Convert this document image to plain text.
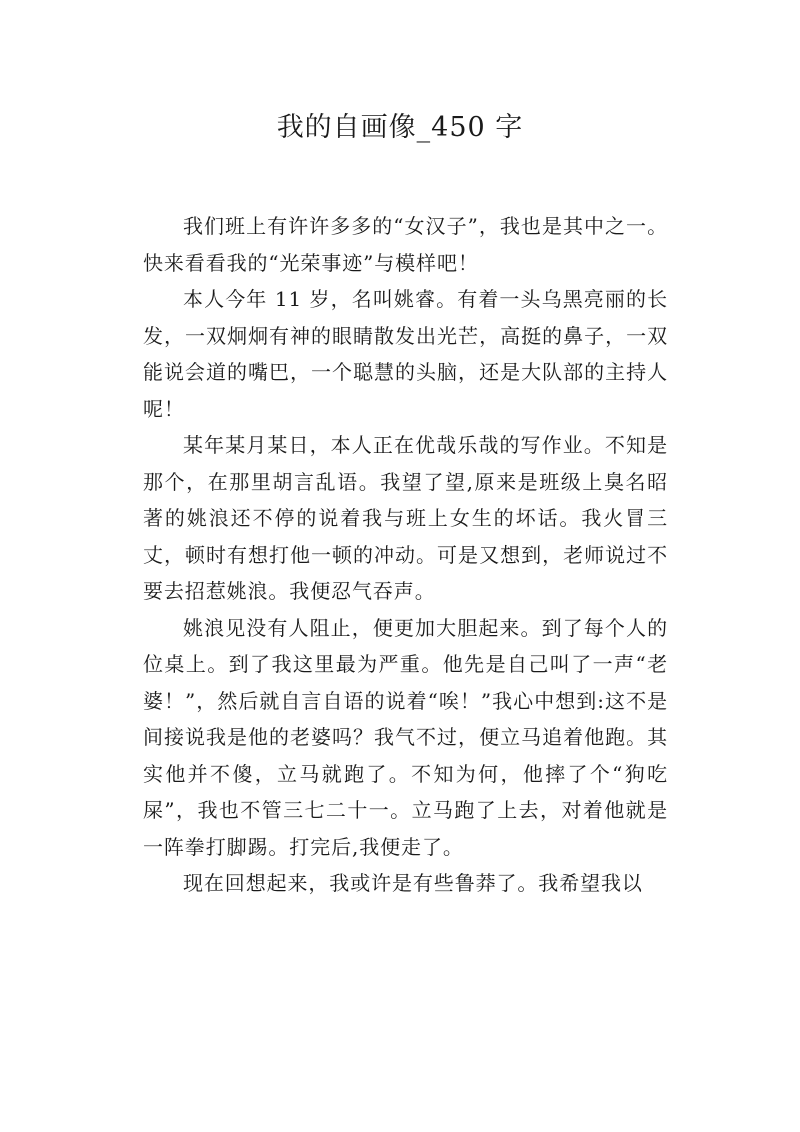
我的自画像_450 字

我们班上有许许多多的“女汉子”，我也是其中之一。快来看看我的“光荣事迹”与模样吧！

本人今年 11 岁，名叫姚睿。有着一头乌黑亮丽的长发，一双炯炯有神的眼睛散发出光芒，高挺的鼻子，一双能说会道的嘴巴，一个聪慧的头脑，还是大队部的主持人呢！

某年某月某日，本人正在优哉乐哉的写作业。不知是那个，在那里胡言乱语。我望了望,原来是班级上臭名昭著的姚浪还不停的说着我与班上女生的坏话。我火冒三丈，顿时有想打他一顿的冲动。可是又想到，老师说过不要去招惹姚浪。我便忍气吞声。

姚浪见没有人阻止，便更加大胆起来。到了每个人的位桌上。到了我这里最为严重。他先是自己叫了一声“老婆！”，然后就自言自语的说着“唉！”我心中想到:这不是间接说我是他的老婆吗？我气不过，便立马追着他跑。其实他并不傻，立马就跑了。不知为何，他摔了个“狗吃屎”，我也不管三七二十一。立马跑了上去，对着他就是一阵拳打脚踢。打完后,我便走了。

现在回想起来，我或许是有些鲁莽了。我希望我以
